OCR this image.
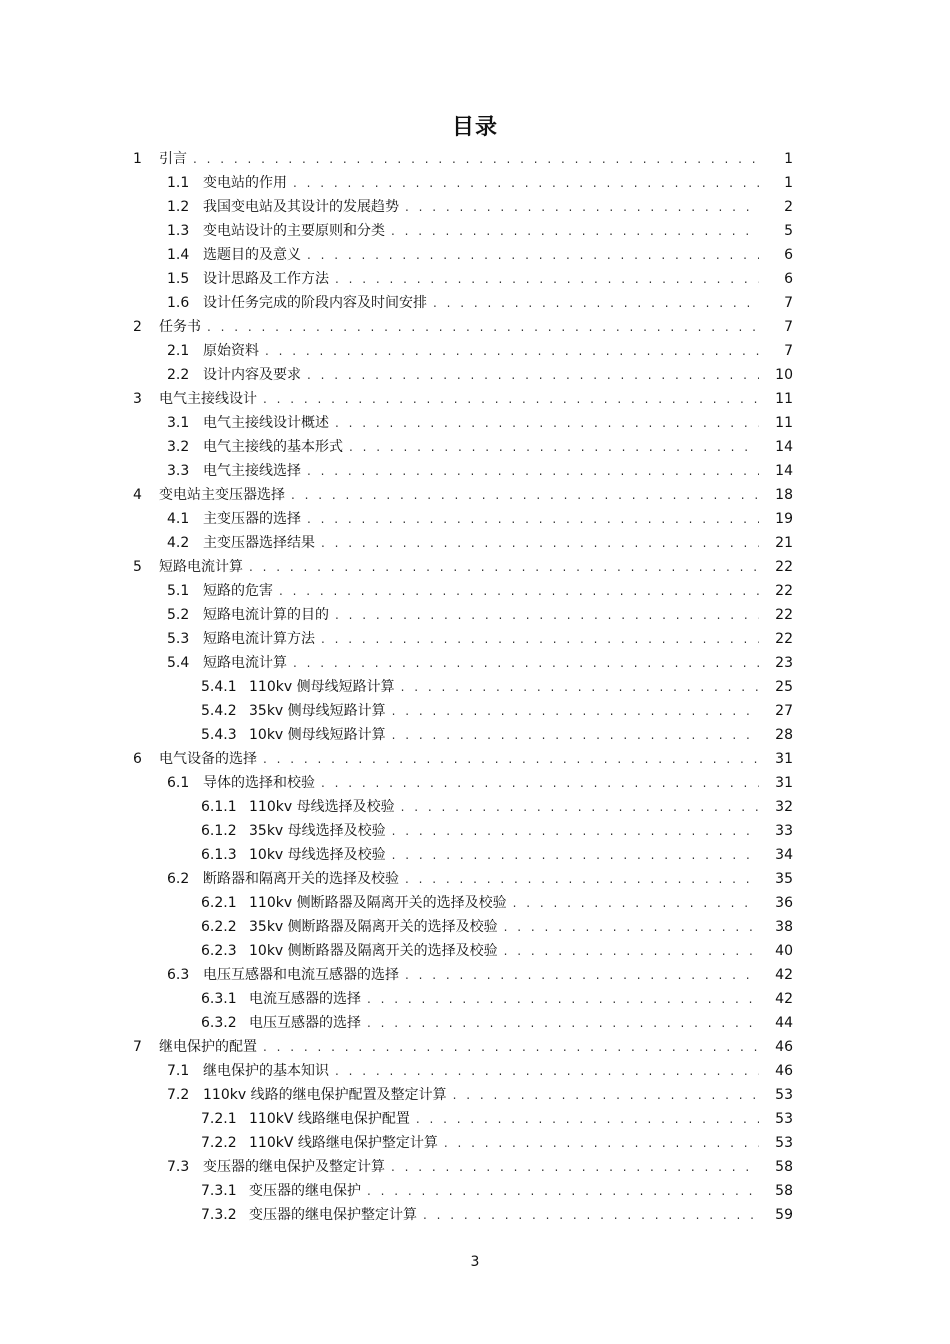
目录
1	引言 . . .	1
1.1 变电站的作用 . . .	1
1.2 我国变电站及其设计的发展趋势 . . .	2
1.3 变电站设计的主要原则和分类 . . .	5
1.4 选题目的及意义 . . .	6
1.5 设计思路及工作方法 . . .	6
1.6 设计任务完成的阶段内容及时间安排 . . .	7
2	任务书 . . .	7
2.1 原始资料 . . .	7
2.2 设计内容及要求 . . .	10
3	电气主接线设计 . . .	11
3.1 电气主接线设计概述 . . .	11
3.2 电气主接线的基本形式 . . .	14
3.3 电气主接线选择 . . .	14
4	变电站主变压器选择 . . .	18
4.1 主变压器的选择 . . .	19
4.2 主变压器选择结果 . . .	21
5	短路电流计算 . . .	22
5.1 短路的危害 . . .	22
5.2 短路电流计算的目的 . . .	22
5.3 短路电流计算方法 . . .	22
5.4 短路电流计算 . . .	23
5.4.1 110kv 侧母线短路计算 . . .	25
5.4.2 35kv 侧母线短路计算 . . .	27
5.4.3 10kv 侧母线短路计算 . . .	28
6	电气设备的选择 . . .	31
6.1 导体的选择和校验 . . .	31
6.1.1 110kv 母线选择及校验 . . .	32
6.1.2 35kv 母线选择及校验 . . .	33
6.1.3 10kv 母线选择及校验 . . .	34
6.2 断路器和隔离开关的选择及校验 . . .	35
6.2.1 110kv 侧断路器及隔离开关的选择及校验 . . .	36
6.2.2 35kv 侧断路器及隔离开关的选择及校验 . . .	38
6.2.3 10kv 侧断路器及隔离开关的选择及校验 . . .	40
6.3 电压互感器和电流互感器的选择 . . .	42
6.3.1 电流互感器的选择 . . .	42
6.3.2 电压互感器的选择 . . .	44
7	继电保护的配置 . . .	46
7.1 继电保护的基本知识 . . .	46
7.2 110kv 线路的继电保护配置及整定计算 . . .	53
7.2.1 110kV 线路继电保护配置 . . .	53
7.2.2 110kV 线路继电保护整定计算 . . .	53
7.3 变压器的继电保护及整定计算 . . .	58
7.3.1 变压器的继电保护 . . .	58
7.3.2 变压器的继电保护整定计算 . . .	59
3
